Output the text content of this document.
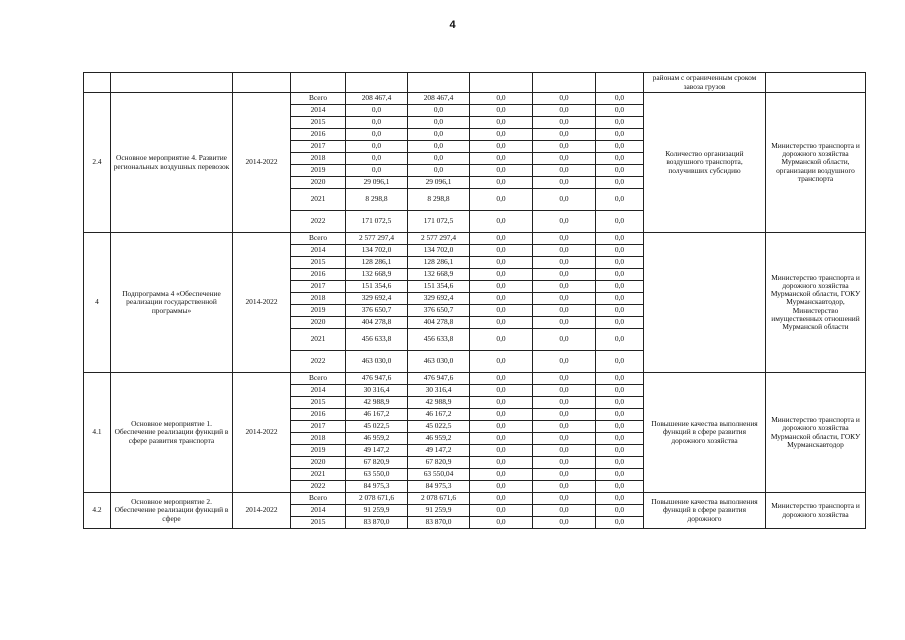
4
									районам с ограниченным сроком завоза грузов	
2.4	Основное мероприятие 4. Развитие региональных воздушных перевозок	2014-2022	Всего	208 467,4	208 467,4	0,0	0,0	0,0	Количество организаций воздушного транспорта, получивших субсидию	Министерство транспорта и дорожного хозяйства Мурманской области, организации воздушного транспорта
			2014	0,0	0,0	0,0	0,0	0,0		
			2015	0,0	0,0	0,0	0,0	0,0		
			2016	0,0	0,0	0,0	0,0	0,0		
			2017	0,0	0,0	0,0	0,0	0,0		
			2018	0,0	0,0	0,0	0,0	0,0		
			2019	0,0	0,0	0,0	0,0	0,0		
			2020	29 096,1	29 096,1	0,0	0,0	0,0		
			2021	8 298,8	8 298,8	0,0	0,0	0,0		
			2022	171 072,5	171 072,5	0,0	0,0	0,0		
4	Подпрограмма 4 «Обеспечение реализации государственной программы»	2014-2022	Всего	2 577 297,4	2 577 297,4	0,0	0,0	0,0		Министерство транспорта и дорожного хозяйства Мурманской области, ГОКУ Мурманскавтодор, Министерство имущественных отношений Мурманской области
			2014	134 702,0	134 702,0	0,0	0,0	0,0		
			2015	128 286,1	128 286,1	0,0	0,0	0,0		
			2016	132 668,9	132 668,9	0,0	0,0	0,0		
			2017	151 354,6	151 354,6	0,0	0,0	0,0		
			2018	329 692,4	329 692,4	0,0	0,0	0,0		
			2019	376 650,7	376 650,7	0,0	0,0	0,0		
			2020	404 278,8	404 278,8	0,0	0,0	0,0		
			2021	456 633,8	456 633,8	0,0	0,0	0,0		
			2022	463 030,0	463 030,0	0,0	0,0	0,0		
4.1	Основное мероприятие 1. Обеспечение реализации функций в сфере развития транспорта	2014-2022	Всего	476 947,6	476 947,6	0,0	0,0	0,0	Повышение качества выполнения функций в сфере развития дорожного хозяйства	Министерство транспорта и дорожного хозяйства Мурманской области, ГОКУ Мурманскавтодор
			2014	30 316,4	30 316,4	0,0	0,0	0,0		
			2015	42 988,9	42 988,9	0,0	0,0	0,0		
			2016	46 167,2	46 167,2	0,0	0,0	0,0		
			2017	45 022,5	45 022,5	0,0	0,0	0,0		
			2018	46 959,2	46 959,2	0,0	0,0	0,0		
			2019	49 147,2	49 147,2	0,0	0,0	0,0		
			2020	67 820,9	67 820,9	0,0	0,0	0,0		
			2021	63 550,0	63 550,04	0,0	0,0	0,0		
			2022	84 975,3	84 975,3	0,0	0,0	0,0		
4.2	Основное мероприятие 2. Обеспечение реализации функций в сфере	2014-2022	Всего	2 078 671,6	2 078 671,6	0,0	0,0	0,0	Повышение качества выполнения функций в сфере развития дорожного	Министерство транспорта и дорожного хозяйства
			2014	91 259,9	91 259,9	0,0	0,0	0,0		
			2015	83 870,0	83 870,0	0,0	0,0	0,0		
